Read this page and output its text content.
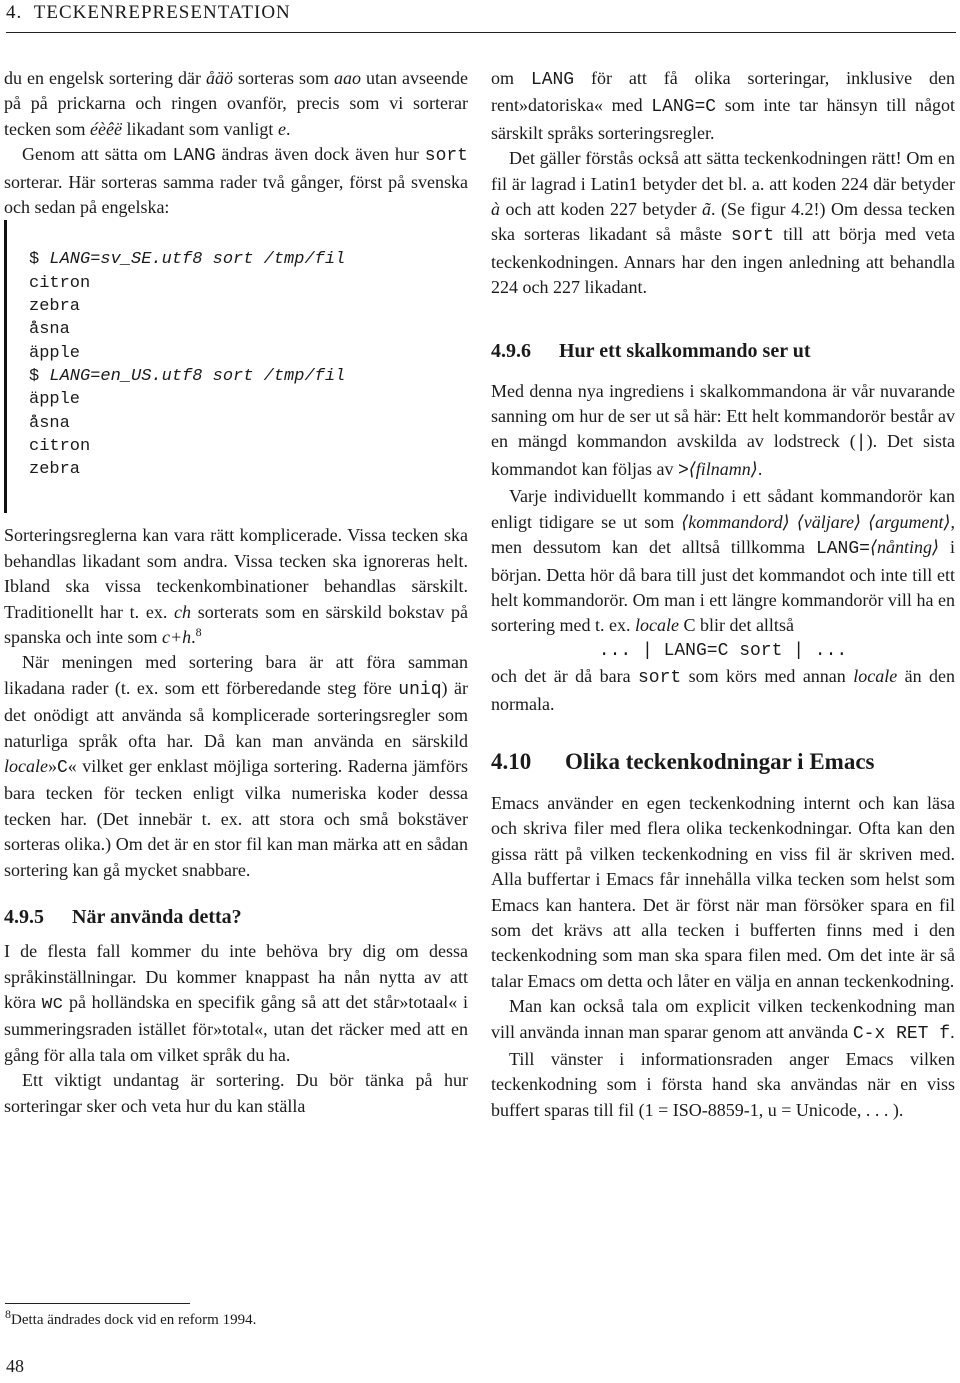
4. TECKENREPRESENTATION

du en engelsk sortering där åäö sorteras som aao utan avseende på på prickarna och ringen ovanför, precis som vi sorterar tecken som éèêë likadant som vanligt e.

Genom att sätta om LANG ändras även dock även hur sort sorterar. Här sorteras samma rader två gånger, först på svenska och sedan på engelska:

$ LANG=sv_SE.utf8 sort /tmp/fil
citron
zebra
åsna
äpple
$ LANG=en_US.utf8 sort /tmp/fil
äpple
åsna
citron
zebra

Sorteringsreglerna kan vara rätt komplicerade. Vissa tecken ska behandlas likadant som andra. Vissa tecken ska ignoreras helt. Ibland ska vissa teckenkombinationer behandlas särskilt. Traditionellt har t. ex. ch sorterats som en särskild bokstav på spanska och inte som c+h.$^8$

När meningen med sortering bara är att föra samman likadana rader (t. ex. som ett förberedande steg före uniq) är det onödigt att använda så komplicerade sorteringsregler som naturliga språk ofta har. Då kan man använda en särskild locale»C« vilket ger enklast möjliga sortering. Raderna jämförs bara tecken för tecken enligt vilka numeriska koder dessa tecken har. (Det innebär t. ex. att stora och små bokstäver sorteras olika.) Om det är en stor fil kan man märka att en sådan sortering kan gå mycket snabbare.

4.9.5 När använda detta?

I de flesta fall kommer du inte behöva bry dig om dessa språkinställningar. Du kommer knappast ha nån nytta av att köra wc på holländska en specifik gång så att det står»totaal« i summeringsraden istället för»total«, utan det räcker med att en gång för alla tala om vilket språk du ha.

Ett viktigt undantag är sortering. Du bör tänka på hur sorteringar sker och veta hur du kan ställa

om LANG för att få olika sorteringar, inklusive den rent»datoriska« med LANG=C som inte tar hänsyn till något särskilt språks sorteringsregler.

Det gäller förstås också att sätta teckenkodningen rätt! Om en fil är lagrad i Latin1 betyder det bl. a. att koden 224 där betyder à och att koden 227 betyder ã. (Se figur 4.2!) Om dessa tecken ska sorteras likadant så måste sort till att börja med veta teckenkodningen. Annars har den ingen anledning att behandla 224 och 227 likadant.

4.9.6 Hur ett skalkommando ser ut

Med denna nya ingrediens i skalkommandona är vår nuvarande sanning om hur de ser ut så här: Ett helt kommandorör består av en mängd kommandon avskilda av lodstreck (|). Det sista kommandot kan följas av >⟨filnamn⟩.

Varje individuellt kommando i ett sådant kommandorör kan enligt tidigare se ut som ⟨kommandord⟩ ⟨väljare⟩ ⟨argument⟩, men dessutom kan det alltså tillkomma LANG=⟨nånting⟩ i början. Detta hör då bara till just det kommandot och inte till ett helt kommandorör. Om man i ett längre kommandorör vill ha en sortering med t. ex. locale C blir det alltså

... | LANG=C sort | ...

och det är då bara sort som körs med annan locale än den normala.

4.10 Olika teckenkodningar i Emacs

Emacs använder en egen teckenkodning internt och kan läsa och skriva filer med flera olika teckenkodningar. Ofta kan den gissa rätt på vilken teckenkodning en viss fil är skriven med. Alla buffertar i Emacs får innehålla vilka tecken som helst som Emacs kan hantera. Det är först när man försöker spara en fil som det krävs att alla tecken i bufferten finns med i den teckenkodning som man ska spara filen med. Om det inte är så talar Emacs om detta och låter en välja en annan teckenkodning.

Man kan också tala om explicit vilken teckenkodning man vill använda innan man sparar genom att använda C-x RET f.

Till vänster i informationsraden anger Emacs vilken teckenkodning som i första hand ska användas när en viss buffert sparas till fil (1 = ISO-8859-1, u = Unicode, . . . ).

$^8$Detta ändrades dock vid en reform 1994.
48
